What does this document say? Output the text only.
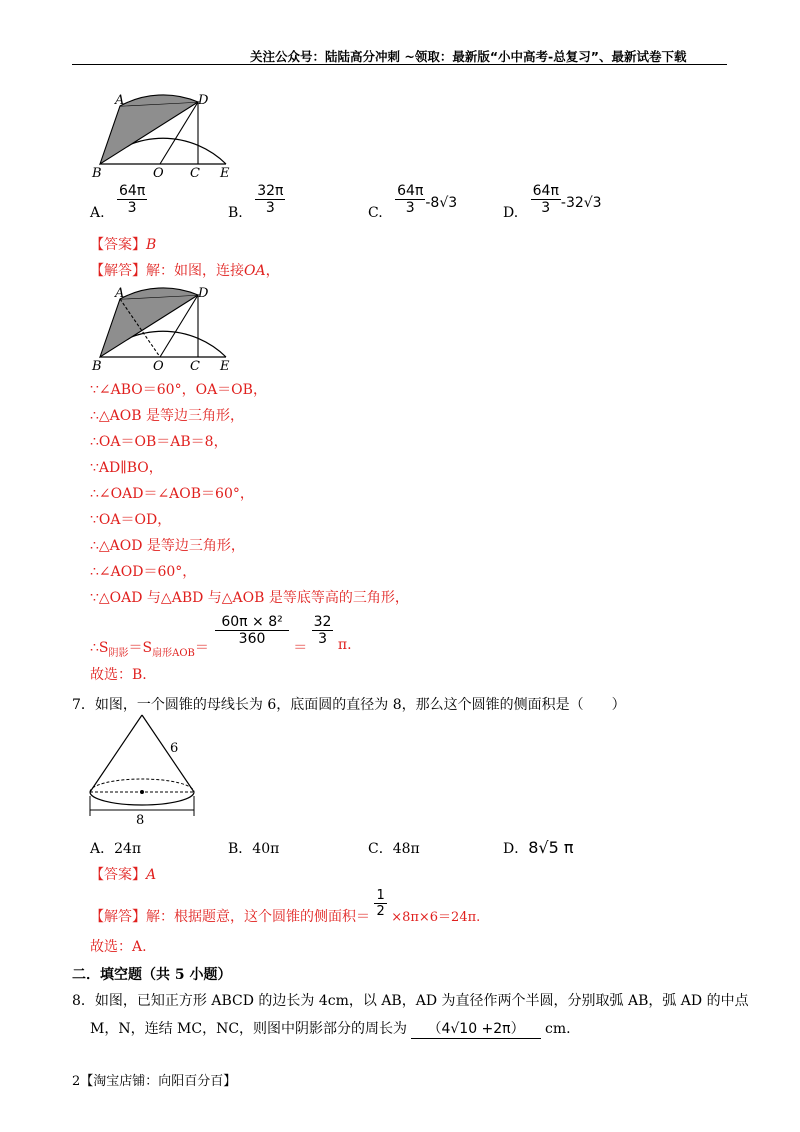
关注公众号：陆陆高分冲刺 ~领取：最新版“小中高考-总复习”、最新试卷下载
A	D
B	O C E
A. $\frac{64\pi}{3}$	B. $\frac{32\pi}{3}$	C. $\frac{64\pi}{3} -8√3$
D. $\frac{64\pi}{3} -32√3$
【答案】B
【解答】解：如图，连接OA，
A	D
B	O C E
∵∠ABO＝60°，OA＝OB，
∴△AOB 是等边三角形，
∴OA＝OB＝AB＝8，
∵AD∥BO，
∴∠OAD＝∠AOB＝60°，
∵OA＝OD，
∴△AOD 是等边三角形，
∴∠AOD＝60°，
∵△OAD 与△ABD 与△AOB 是等底等高的三角形，
$\therefore S_{阴影}=S_{扇形AOB}=$
$\frac{\text{60π × 8²}}{360}$
＝
$\frac{32}{3} \pi$.
故选：B.
7．如图，一个圆锥的母线长为 6，底面圆的直径为 8，那么这个圆锥的侧面积是（　　）
6
8
A．24π	B．40π	C．48π	D．8√5 π
【答案】A
【解答】解：根据题意，这个圆锥的侧面积＝ $\frac{1}{2} \times 8\pi\times 6=24\pi$.
故选：A.
二．填空题（共 5 小题）
8．如图，已知正方形 ABCD 的边长为 4cm，以 AB，AD 为直径作两个半圆，分别取弧 AB，弧 AD 的中点
M，N，连结 MC，NC，则图中阴影部分的周长为 （4√10 +2π） cm.
2【淘宝店铺：向阳百分百】
